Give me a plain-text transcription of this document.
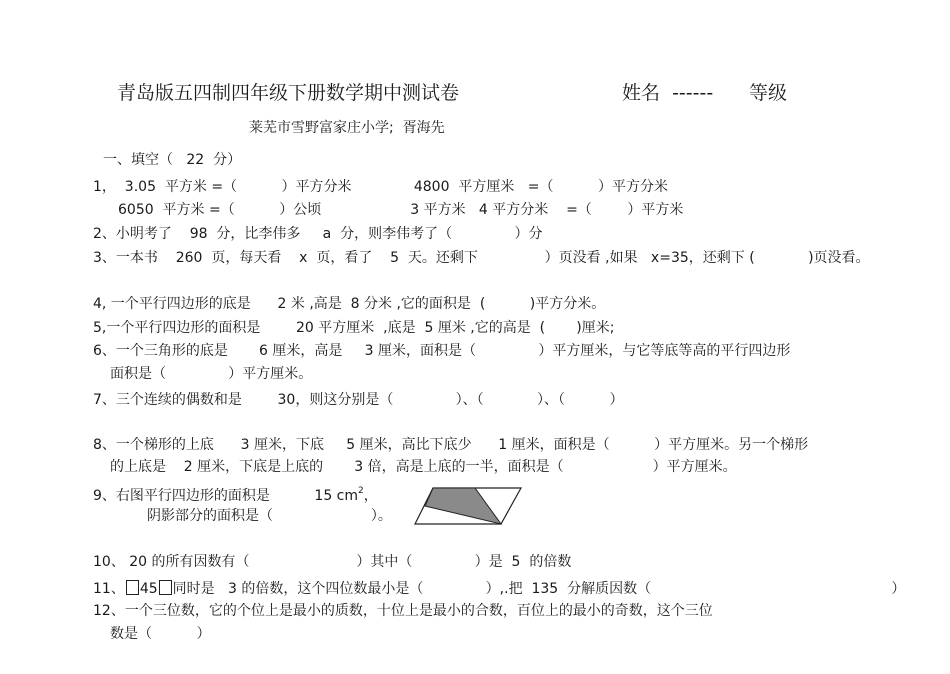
青岛版五四制四年级下册数学期中测试卷	姓名  ------ 等级
莱芜市雪野富家庄小学;  胥海先
一、填空（   22  分）
1，  3.05  平方米 =（          ）平方分米              4800  平方厘米   =（          ）平方分米
6050  平方米 =（          ）公顷                    3 平方米   4 平方分米    =（        ）平方米
2、小明考了    98  分，比李伟多     a  分，则李伟考了（              ）分
3、一本书    260  页，每天看    x  页，看了    5  天。还剩下               ）页没看 ,如果   x=35，还剩下 (            )页没看。
4, 一个平行四边形的底是      2 米 ,高是  8 分米 ,它的面积是  (          )平方分米。
5,一个平行四边形的面积是        20 平方厘米  ,底是  5 厘米 ,它的高是  (       )厘米;
6、一个三角形的底是       6 厘米，高是     3 厘米，面积是（              ）平方厘米，与它等底等高的平行四边形
面积是（              ）平方厘米。
7、三个连续的偶数和是        30，则这分别是（              ）、（            ）、（          ）
8、一个梯形的上底      3 厘米，下底     5 厘米，高比下底少      1 厘米，面积是（          ）平方厘米。另一个梯形
的上底是    2 厘米，下底是上底的       3 倍，高是上底的一半，面积是（                    ）平方厘米。
9、右图平行四边形的面积是          15 $cm^2$，
阴影部分的面积是（                      ）。
10、 20 的所有因数有（                        ）其中（              ）是  5  的倍数
11、 45 同时是   3 的倍数，这个四位数最小是（              ）,.把  135  分解质因数（                                                      ）
12、一个三位数，它的个位上是最小的质数，十位上是最小的合数，百位上的最小的奇数，这个三位
数是（          ）
